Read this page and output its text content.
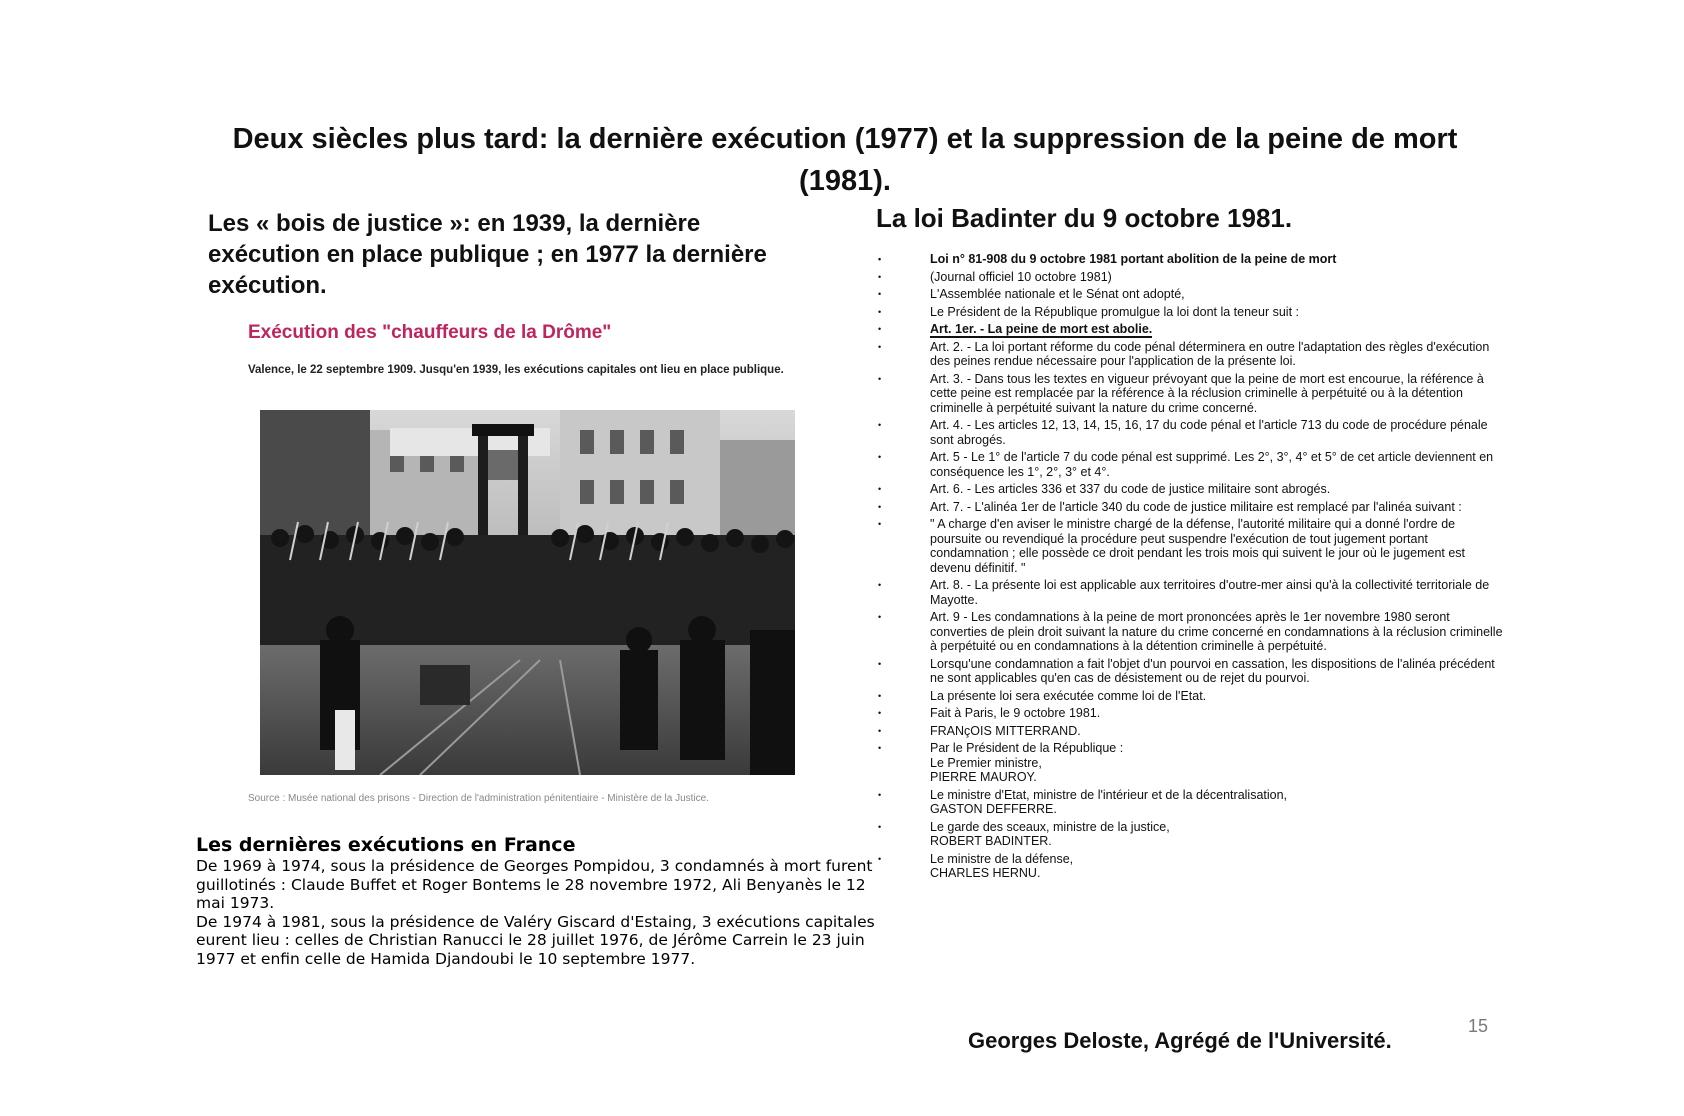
Deux siècles plus tard: la dernière exécution (1977) et la suppression de la peine de mort (1981).
Les « bois de justice »: en 1939, la dernière exécution en place publique ; en 1977 la dernière exécution.
La loi Badinter du 9 octobre 1981.
Exécution des "chauffeurs de la Drôme"
Valence, le 22 septembre 1909. Jusqu'en 1939, les exécutions capitales ont lieu en place publique.
Source : Musée national des prisons - Direction de l'administration pénitentiaire - Ministère de la Justice.
Les dernières exécutions en France

De 1969 à 1974, sous la présidence de Georges Pompidou, 3 condamnés à mort furent guillotinés : Claude Buffet et Roger Bontems le 28 novembre 1972, Ali Benyanès le 12 mai 1973.

De 1974 à 1981, sous la présidence de Valéry Giscard d'Estaing, 3 exécutions capitales eurent lieu : celles de Christian Ranucci le 28 juillet 1976, de Jérôme Carrein le 23 juin 1977 et enfin celle de Hamida Djandoubi le 10 septembre 1977.

• Loi n° 81-908 du 9 octobre 1981 portant abolition de la peine de mort
• (Journal officiel 10 octobre 1981)
• L'Assemblée nationale et le Sénat ont adopté,
• Le Président de la République promulgue la loi dont la teneur suit :
• Art. 1er. - La peine de mort est abolie.
• Art. 2. - La loi portant réforme du code pénal déterminera en outre l'adaptation des règles d'exécution des peines rendue nécessaire pour l'application de la présente loi.
• Art. 3. - Dans tous les textes en vigueur prévoyant que la peine de mort est encourue, la référence à cette peine est remplacée par la référence à la réclusion criminelle à perpétuité ou à la détention criminelle à perpétuité suivant la nature du crime concerné.
• Art. 4. - Les articles 12, 13, 14, 15, 16, 17 du code pénal et l'article 713 du code de procédure pénale sont abrogés.
• Art. 5 - Le 1° de l'article 7 du code pénal est supprimé. Les 2°, 3°, 4° et 5° de cet article deviennent en conséquence les 1°, 2°, 3° et 4°.
• Art. 6. - Les articles 336 et 337 du code de justice militaire sont abrogés.
• Art. 7. - L'alinéa 1er de l'article 340 du code de justice militaire est remplacé par l'alinéa suivant :
• " A charge d'en aviser le ministre chargé de la défense, l'autorité militaire qui a donné l'ordre de poursuite ou revendiqué la procédure peut suspendre l'exécution de tout jugement portant condamnation ; elle possède ce droit pendant les trois mois qui suivent le jour où le jugement est devenu définitif. "
• Art. 8. - La présente loi est applicable aux territoires d'outre-mer ainsi qu'à la collectivité territoriale de Mayotte.
• Art. 9 - Les condamnations à la peine de mort prononcées après le 1er novembre 1980 seront converties de plein droit suivant la nature du crime concerné en condamnations à la réclusion criminelle à perpétuité ou en condamnations à la détention criminelle à perpétuité.
• Lorsqu'une condamnation a fait l'objet d'un pourvoi en cassation, les dispositions de l'alinéa précédent ne sont applicables qu'en cas de désistement ou de rejet du pourvoi.
• La présente loi sera exécutée comme loi de l'Etat.
• Fait à Paris, le 9 octobre 1981.
• FRANçOIS MITTERRAND.
• Par le Président de la République :
Le Premier ministre,
PIERRE MAUROY.
• Le ministre d'Etat, ministre de l'intérieur et de la décentralisation,
GASTON DEFFERRE.
• Le garde des sceaux, ministre de la justice,
ROBERT BADINTER.
• Le ministre de la défense,
CHARLES HERNU.
Georges Deloste, Agrégé de l'Université.
15
